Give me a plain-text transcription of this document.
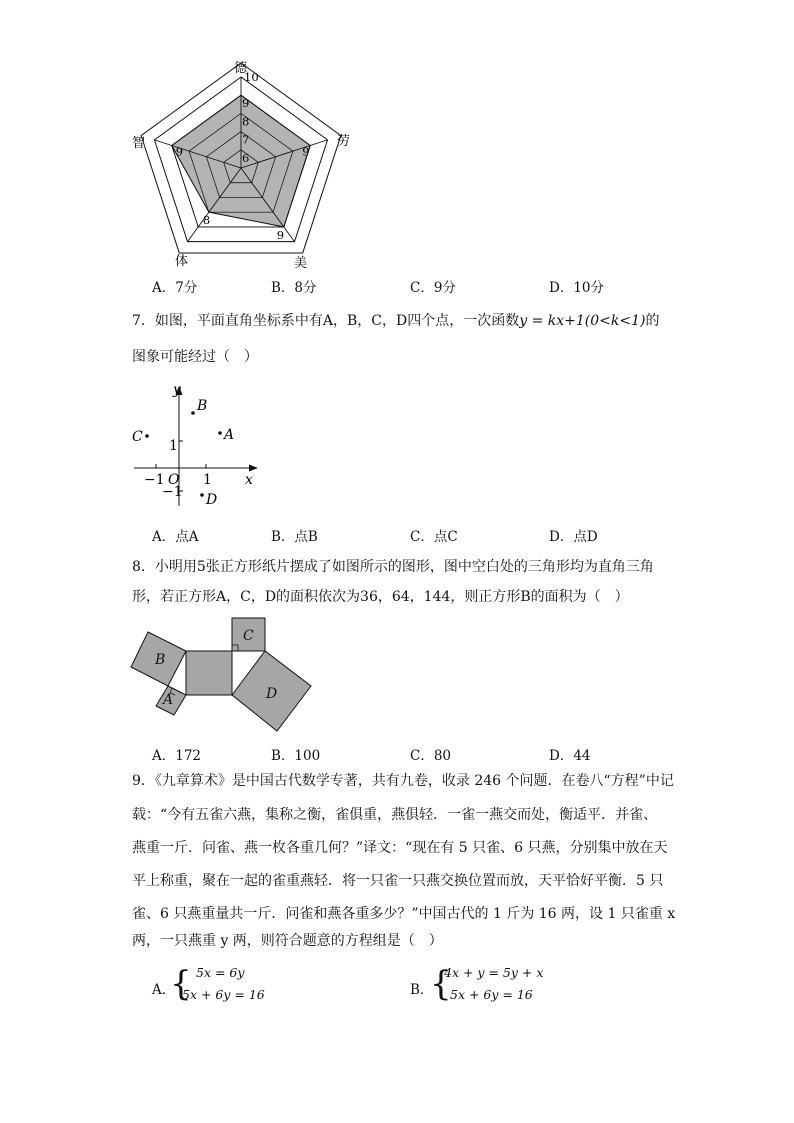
6
7
8
9
10
德
劳
美
体
智
9
9
8
9
A．7分	B．8分	C．9分	D．10分
7．如图，平面直角坐标系中有A，B，C，D四个点，一次函数y = kx+1(0<k<1)的
图象可能经过（　）
y
x
O
−1	1
1
−1
B
A
C
D
A．点A	B．点B	C．点C	D．点D
8．小明用5张正方形纸片摆成了如图所示的图形，图中空白处的三角形均为直角三角
形，若正方形A，C，D的面积依次为36，64，144，则正方形B的面积为（　）
B
A
C
D
A．172	B．100	C．80	D．44
9．《九章算术》是中国古代数学专著，共有九卷，收录 246 个问题．在卷八“方程”中记
载：“今有五雀六燕，集称之衡，雀俱重，燕俱轻．一雀一燕交而处，衡适平．并雀、
燕重一斤．问雀、燕一枚各重几何？”译文：“现在有 5 只雀、6 只燕，分别集中放在天
平上称重，聚在一起的雀重燕轻．将一只雀一只燕交换位置而放，天平恰好平衡．5 只
雀、6 只燕重量共一斤．问雀和燕各重多少？”中国古代的 1 斤为 16 两，设 1 只雀重 x
两，一只燕重 y 两，则符合题意的方程组是（　）
A．
{ 5x = 6y
5x + 6y = 16	B．
{
4x + y = 5y + x
5x + 6y = 16
